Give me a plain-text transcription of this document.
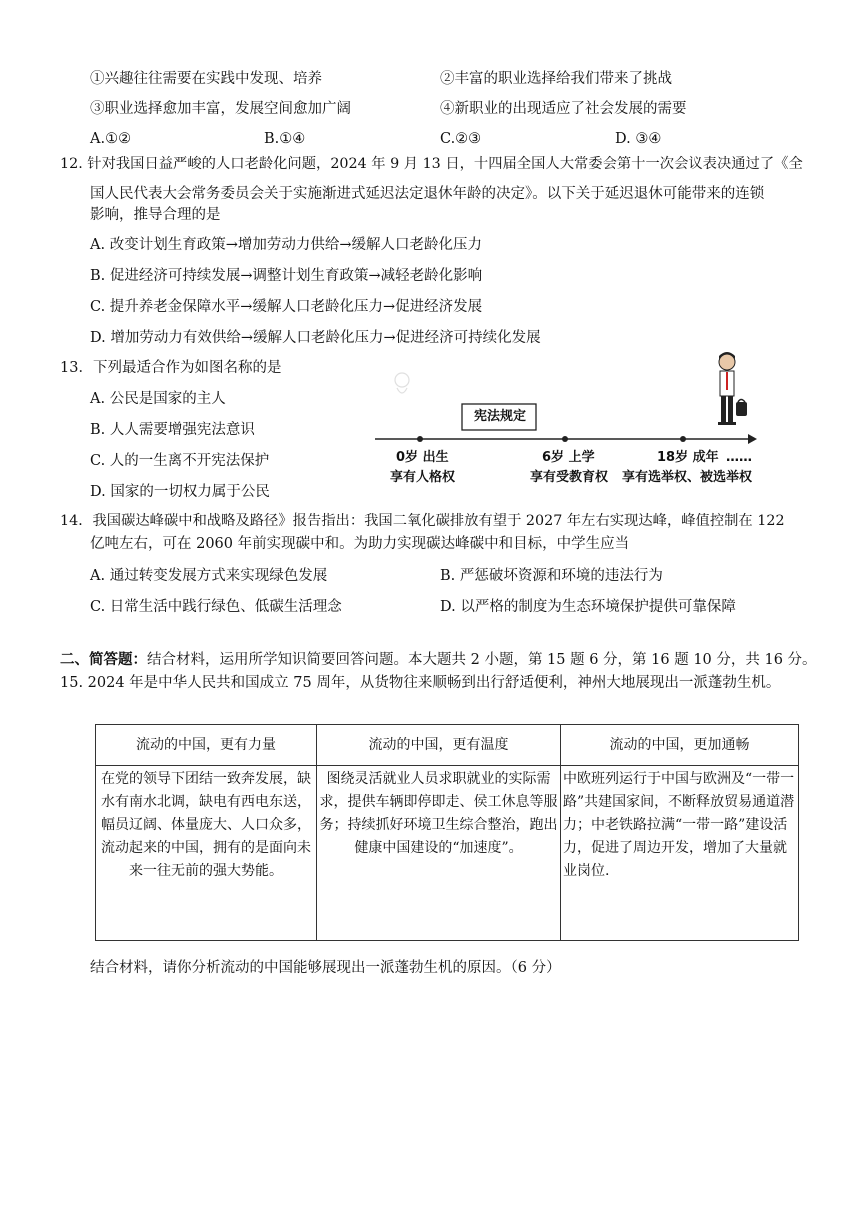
①兴趣往往需要在实践中发现、培养	②丰富的职业选择给我们带来了挑战
③职业选择愈加丰富，发展空间愈加广阔	④新职业的出现适应了社会发展的需要
A.①②	B.①④	C.②③	D. ③④
12. 针对我国日益严峻的人口老龄化问题，2024 年 9 月 13 日，十四届全国人大常委会第十一次会议表决通过了《全
国人民代表大会常务委员会关于实施渐进式延迟法定退休年龄的决定》。以下关于延迟退休可能带来的连锁
影响，推导合理的是
A. 改变计划生育政策→增加劳动力供给→缓解人口老龄化压力
B. 促进经济可持续发展→调整计划生育政策→减轻老龄化影响
C. 提升养老金保障水平→缓解人口老龄化压力→促进经济发展
D. 增加劳动力有效供给→缓解人口老龄化压力→促进经济可持续化发展
13．下列最适合作为如图名称的是
A. 公民是国家的主人
B. 人人需要增强宪法意识
C. 人的一生离不开宪法保护
D. 国家的一切权力属于公民
宪法规定
0岁 出生
享有人格权
6岁 上学
享有受教育权
18岁 成年 ……
享有选举权、被选举权
14．我国碳达峰碳中和战略及路径》报告指出：我国二氧化碳排放有望于 2027 年左右实现达峰，峰值控制在 122
亿吨左右，可在 2060 年前实现碳中和。为助力实现碳达峰碳中和目标，中学生应当
A. 通过转变发展方式来实现绿色发展	B. 严惩破坏资源和环境的违法行为
C. 日常生活中践行绿色、低碳生活理念	D. 以严格的制度为生态环境保护提供可靠保障
二、简答题：结合材料，运用所学知识简要回答问题。本大题共 2 小题，第 15 题 6 分，第 16 题 10 分，共 16 分。
15. 2024 年是中华人民共和国成立 75 周年，从货物往来顺畅到出行舒适便利，神州大地展现出一派蓬勃生机。
流动的中国，更有力量	流动的中国，更有温度	流动的中国，更加通畅
在党的领导下团结一致奔发展，缺水有南水北调，缺电有西电东送，幅员辽阔、体量庞大、人口众多，流动起来的中国，拥有的是面向未来一往无前的强大势能。	图绕灵活就业人员求职就业的实际需求，提供车辆即停即走、侯工休息等服务；持续抓好环境卫生综合整治，跑出健康中国建设的“加速度”。	中欧班列运行于中国与欧洲及“一带一路”共建国家间，不断释放贸易通道潜力；中老铁路拉满“一带一路”建设活力，促进了周边开发，增加了大量就业岗位.
结合材料，请你分析流动的中国能够展现出一派蓬勃生机的原因。（6 分）
